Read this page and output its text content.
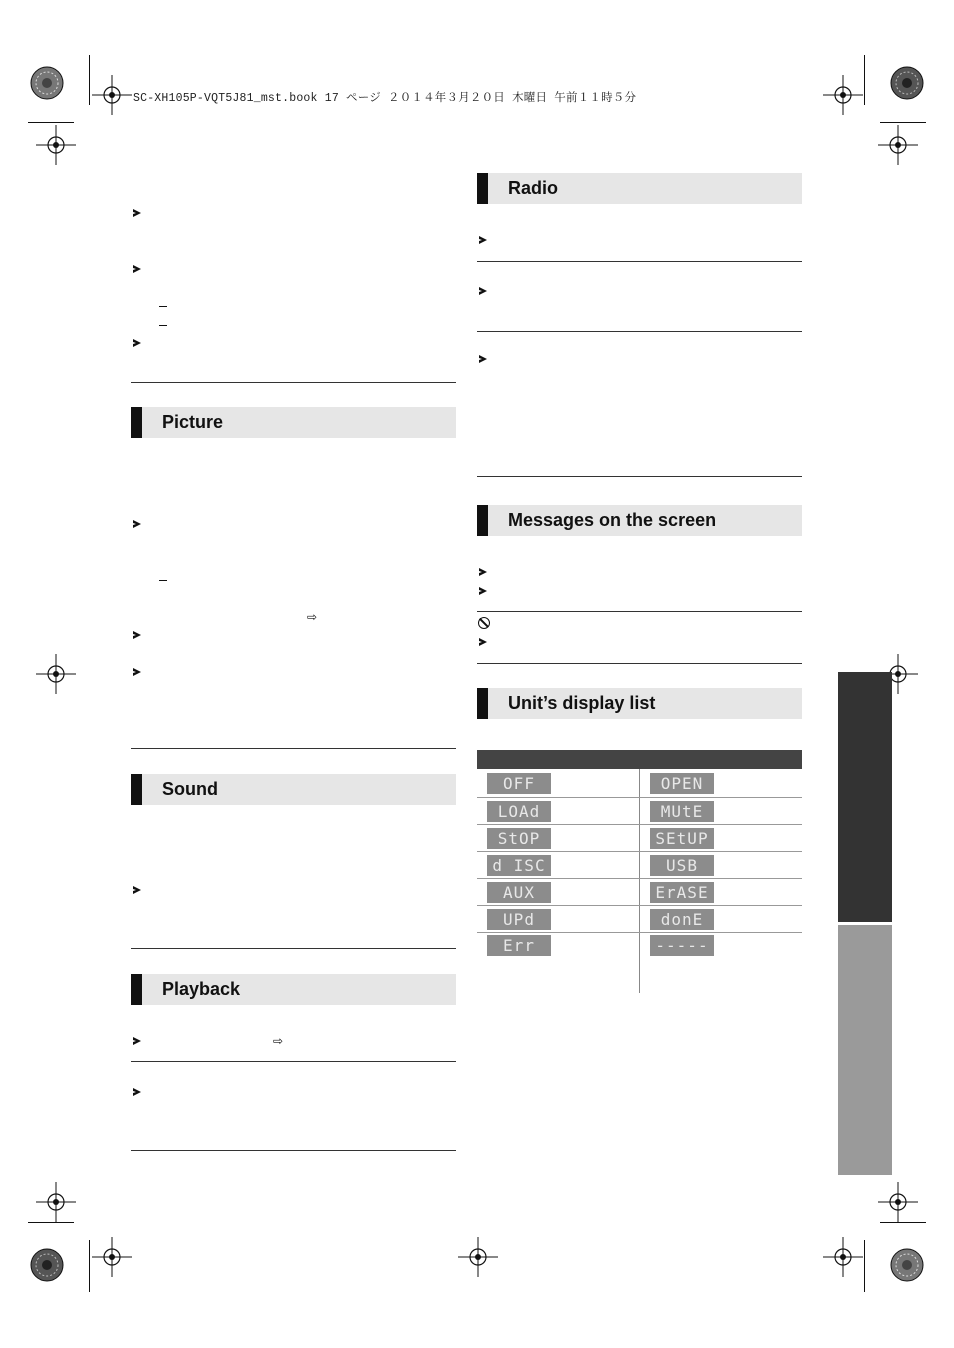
SC-XH105P-VQT5J81_mst.book 17 ページ ２０１４年３月２０日 木曜日 午前１１時５分
Picture
⇨
Sound
Playback
⇨
Radio
Messages on the screen
Unit’s display list
OFF
LOAd
StOP
d ISC
AUX
UPd
Err
OPEN
MUtE
SEtUP
USB
ErASE
donE
-----
